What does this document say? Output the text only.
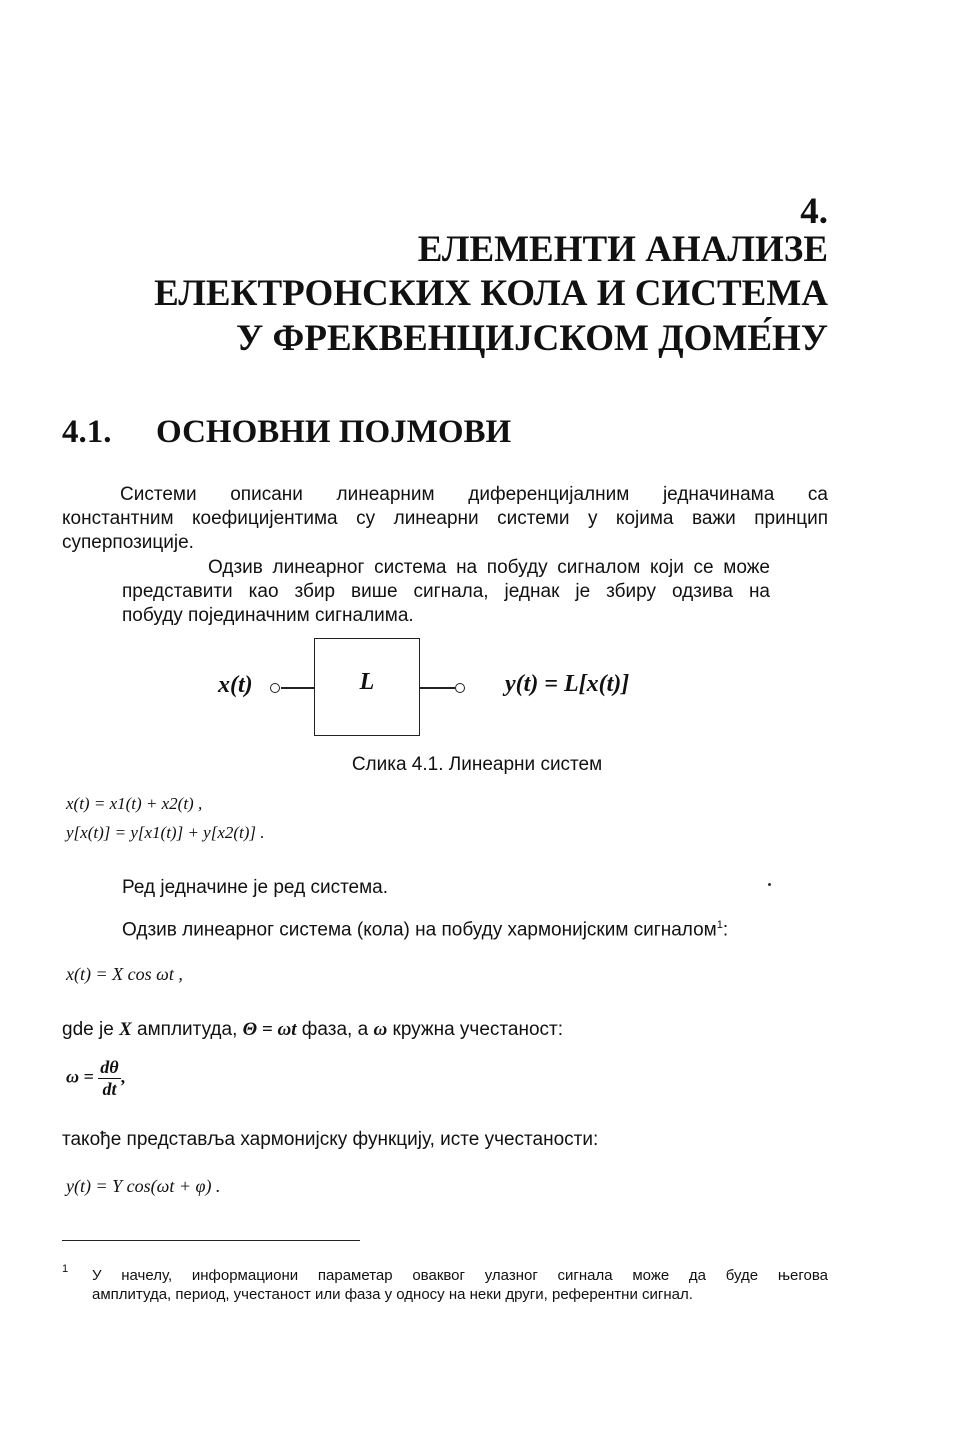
4.
ЕЛЕМЕНТИ АНАЛИЗЕ
ЕЛЕКТРОНСКИХ КОЛА И СИСТЕМА
У ФРЕКВЕНЦИЈСКОМ ДОМЕ́НУ
4.1. ОСНОВНИ ПОЈМОВИ
Системи описани линеарним диференцијалним једначинама са
константним коефицијентима су линеарни системи у којима важи принцип
суперпозиције.
Одзив линеарног система на побуду сигналом који се може
представити као збир више сигнала, једнак је збиру одзива на
побуду појединачним сигналима.
x(t)	L	y(t) = L[x(t)]
Слика 4.1. Линеарни систем
x(t) = x1(t) + x2(t) ,
y[x(t)] = y[x1(t)] + y[x2(t)] .
Ред једначине је ред система.
Одзив линеарног система (кола) на побуду хармонијским сигналом$^1$:
x(t) = X cos ωt ,
gde je X амплитуда, Θ = ωt фаза, а ω кружна учестаност:
$\omega = \frac{d\theta}{dt}$ ,
такође представља хармонијску функцију, исте учестаности:
y(t) = Y cos(ωt + φ) .
1 У начелу, информациони параметар оваквог улазног сигнала може да буде његова
амплитуда, период, учестаност или фаза у односу на неки други, референтни сигнал.
